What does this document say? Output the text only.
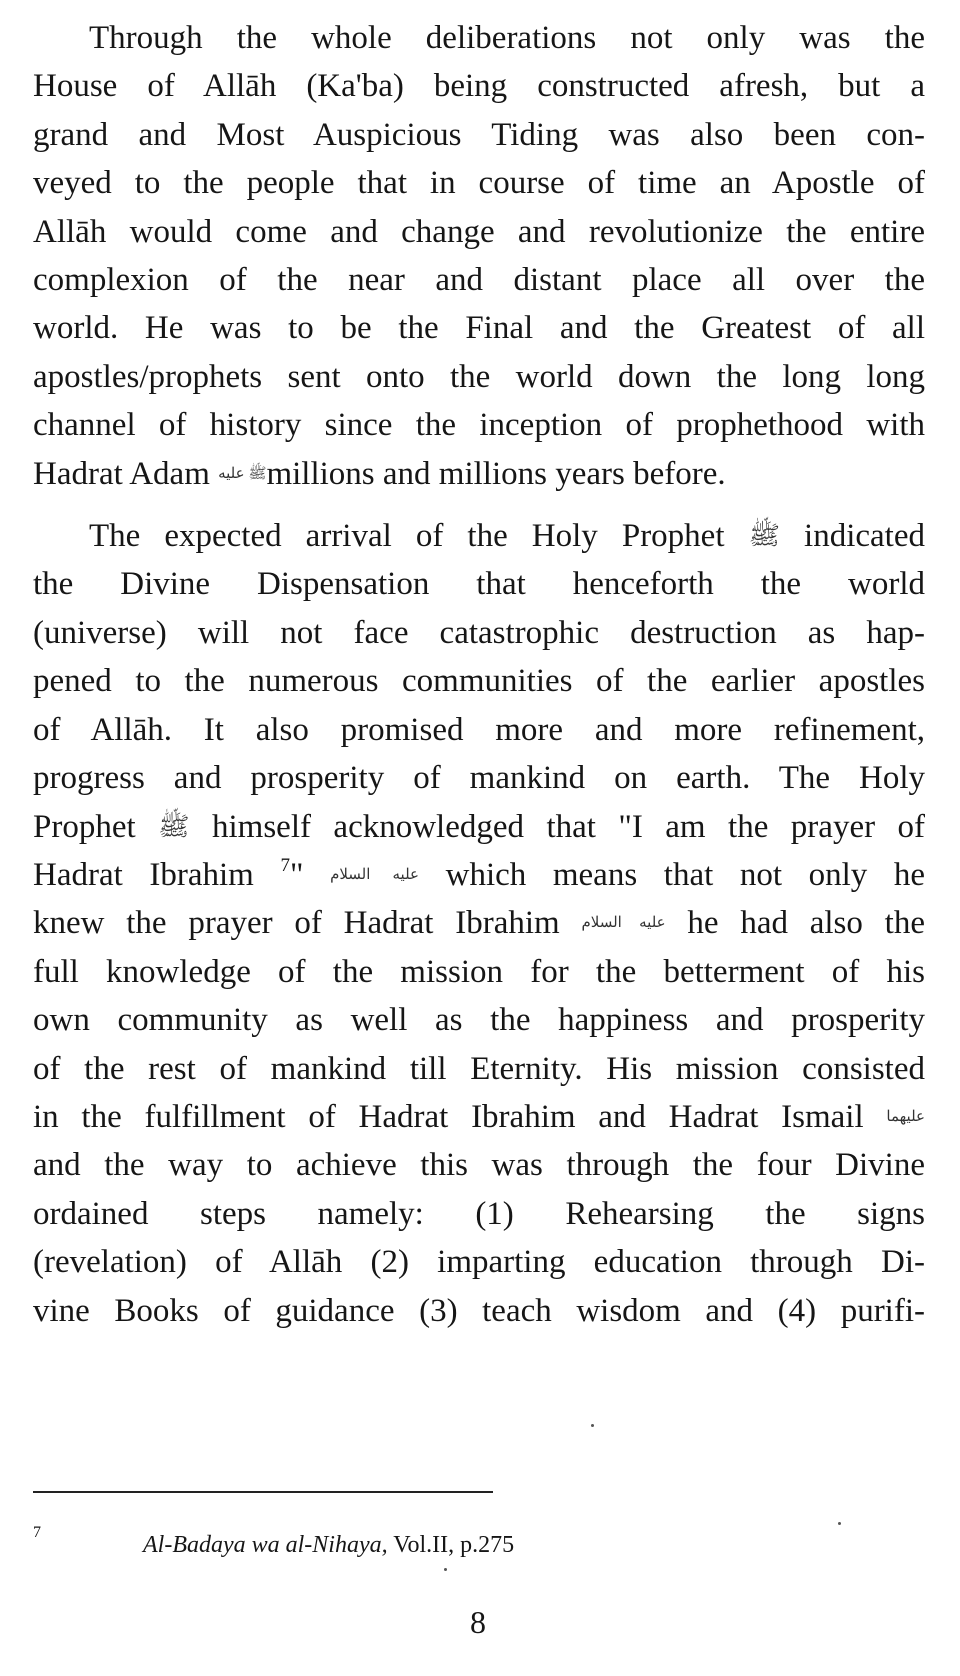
Through the whole deliberations not only was the
House of Allāh (Ka'ba) being constructed afresh, but a
grand and Most Auspicious Tiding was also been con-
veyed to the people that in course of time an Apostle of
Allāh would come and change and revolutionize the entire
complexion of the near and distant place all over the
world. He was to be the Final and the Greatest of all
apostles/prophets sent onto the world down the long long
channel of history since the inception of prophethood with
Hadrat Adam ﷺ عليهmillions and millions years before.

The expected arrival of the Holy Prophet ﷺ indicated
the Divine Dispensation that henceforth the world
(universe) will not face catastrophic destruction as hap-
pened to the numerous communities of the earlier apostles
of Allāh. It also promised more and more refinement,
progress and prosperity of mankind on earth. The Holy
Prophet ﷺ himself acknowledged that "I am the prayer of
Hadrat Ibrahim	عليه السلام "$^7$	which means that not only he
knew the prayer of Hadrat Ibrahim عليه السلام he had also the
full knowledge of the mission for the betterment of his
own community as well as the happiness and prosperity
of the rest of mankind till Eternity. His mission consisted
in the fulfillment of Hadrat Ibrahim and Hadrat Ismail عليهما
and the way to achieve this was through the four Divine
ordained steps namely: (1) Rehearsing the signs
(revelation) of Allāh (2) imparting education through Di-
vine Books of guidance (3) teach wisdom and (4) purifi-

7	Al-Badaya wa al-Nihaya, Vol.II, p.275
8
